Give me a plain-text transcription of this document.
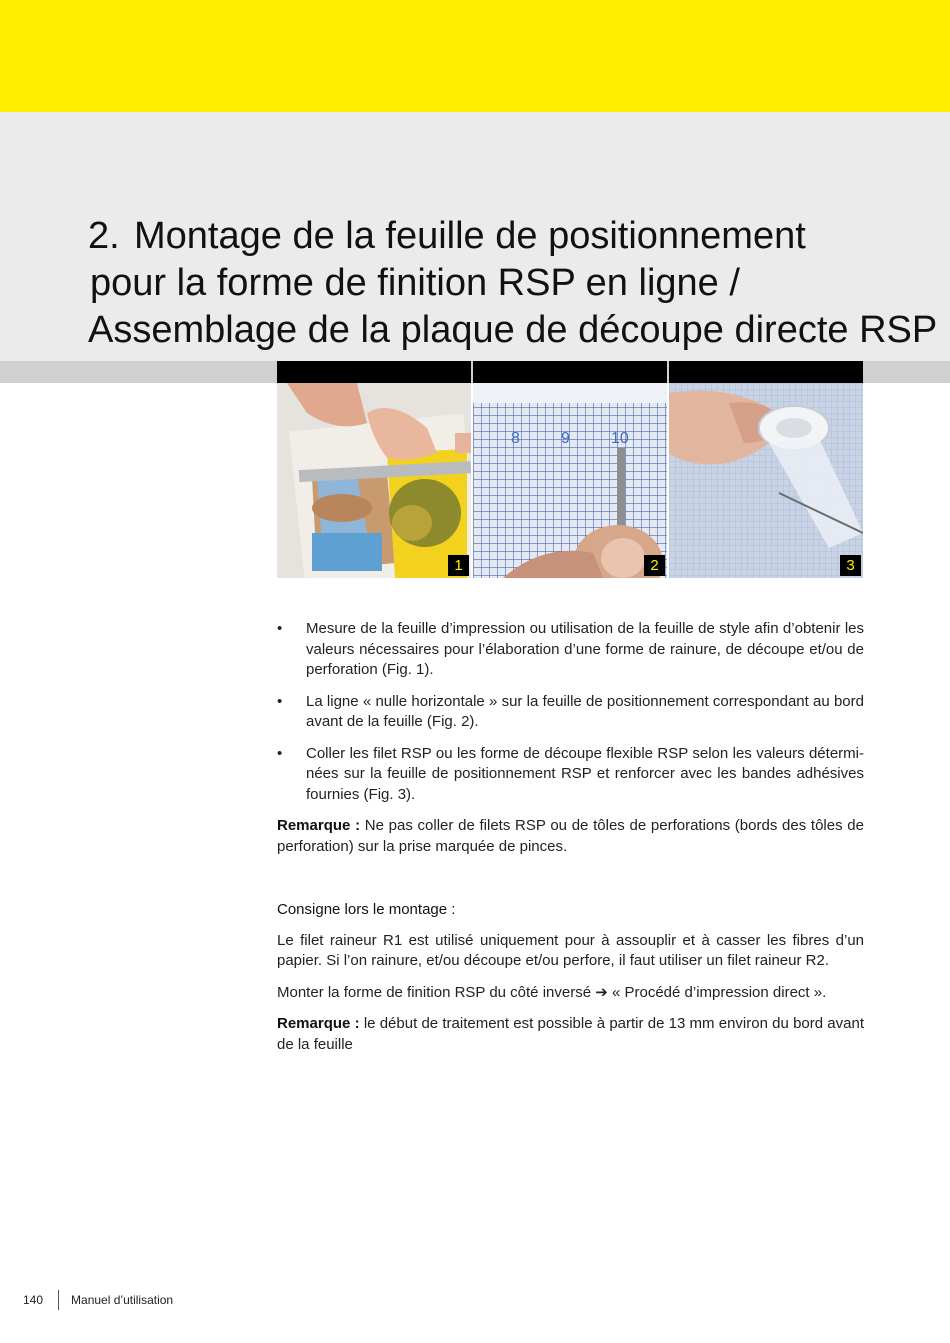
2. Montage de la feuille de positionnement
pour la forme de finition RSP en ligne /
Assemblage de la plaque de découpe directe RSP
1
8	9	10
2	3
• Mesure de la feuille d’impression ou utilisation de la feuille de style afin d’obtenir les valeurs nécessaires pour l’élaboration d’une forme de rainure, de découpe et/ou de perforation (Fig. 1).
• La ligne « nulle horizontale » sur la feuille de positionnement correspondant au bord avant de la feuille (Fig. 2).
• Coller les filet RSP ou les forme de découpe flexible RSP selon les valeurs déterminées sur la feuille de positionnement RSP et renforcer avec les bandes adhésives fournies (Fig. 3).

Remarque : Ne pas coller de filets RSP ou de tôles de perforations (bords des tôles de perforation) sur la prise marquée de pinces.

Consigne lors le montage :

Le filet raineur R1 est utilisé uniquement pour à assouplir et à casser les fibres d’un papier. Si l’on rainure, et/ou découpe et/ou perfore, il faut utiliser un filet raineur R2.

Monter la forme de finition RSP du côté inversé ➔ « Procédé d’impression direct ».

Remarque : le début de traitement est possible à partir de 13 mm environ du bord avant de la feuille

140 Manuel d’utilisation
